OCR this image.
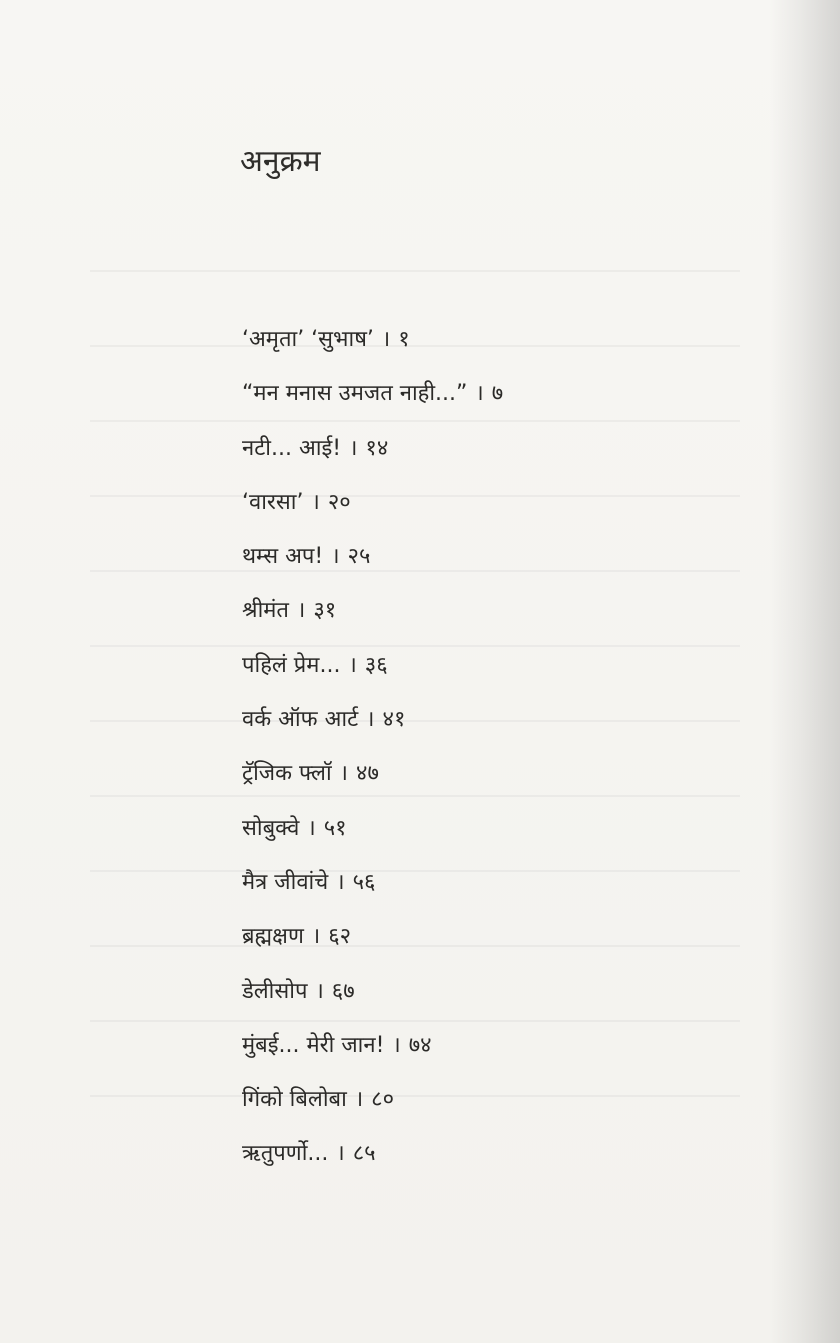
अनुक्रम
‘अमृता’ ‘सुभाष’ । १
“मन मनास उमजत नाही...” । ७
नटी... आई! । १४
‘वारसा’ । २०
थम्स अप! । २५
श्रीमंत । ३१
पहिलं प्रेम... । ३६
वर्क ऑफ आर्ट । ४१
ट्रॅजिक फ्लॉ । ४७
सोबुक्वे । ५१
मैत्र जीवांचे । ५६
ब्रह्मक्षण । ६२
डेलीसोप । ६७
मुंबई... मेरी जान! । ७४
गिंको बिलोबा । ८०
ऋतुपर्णो... । ८५
